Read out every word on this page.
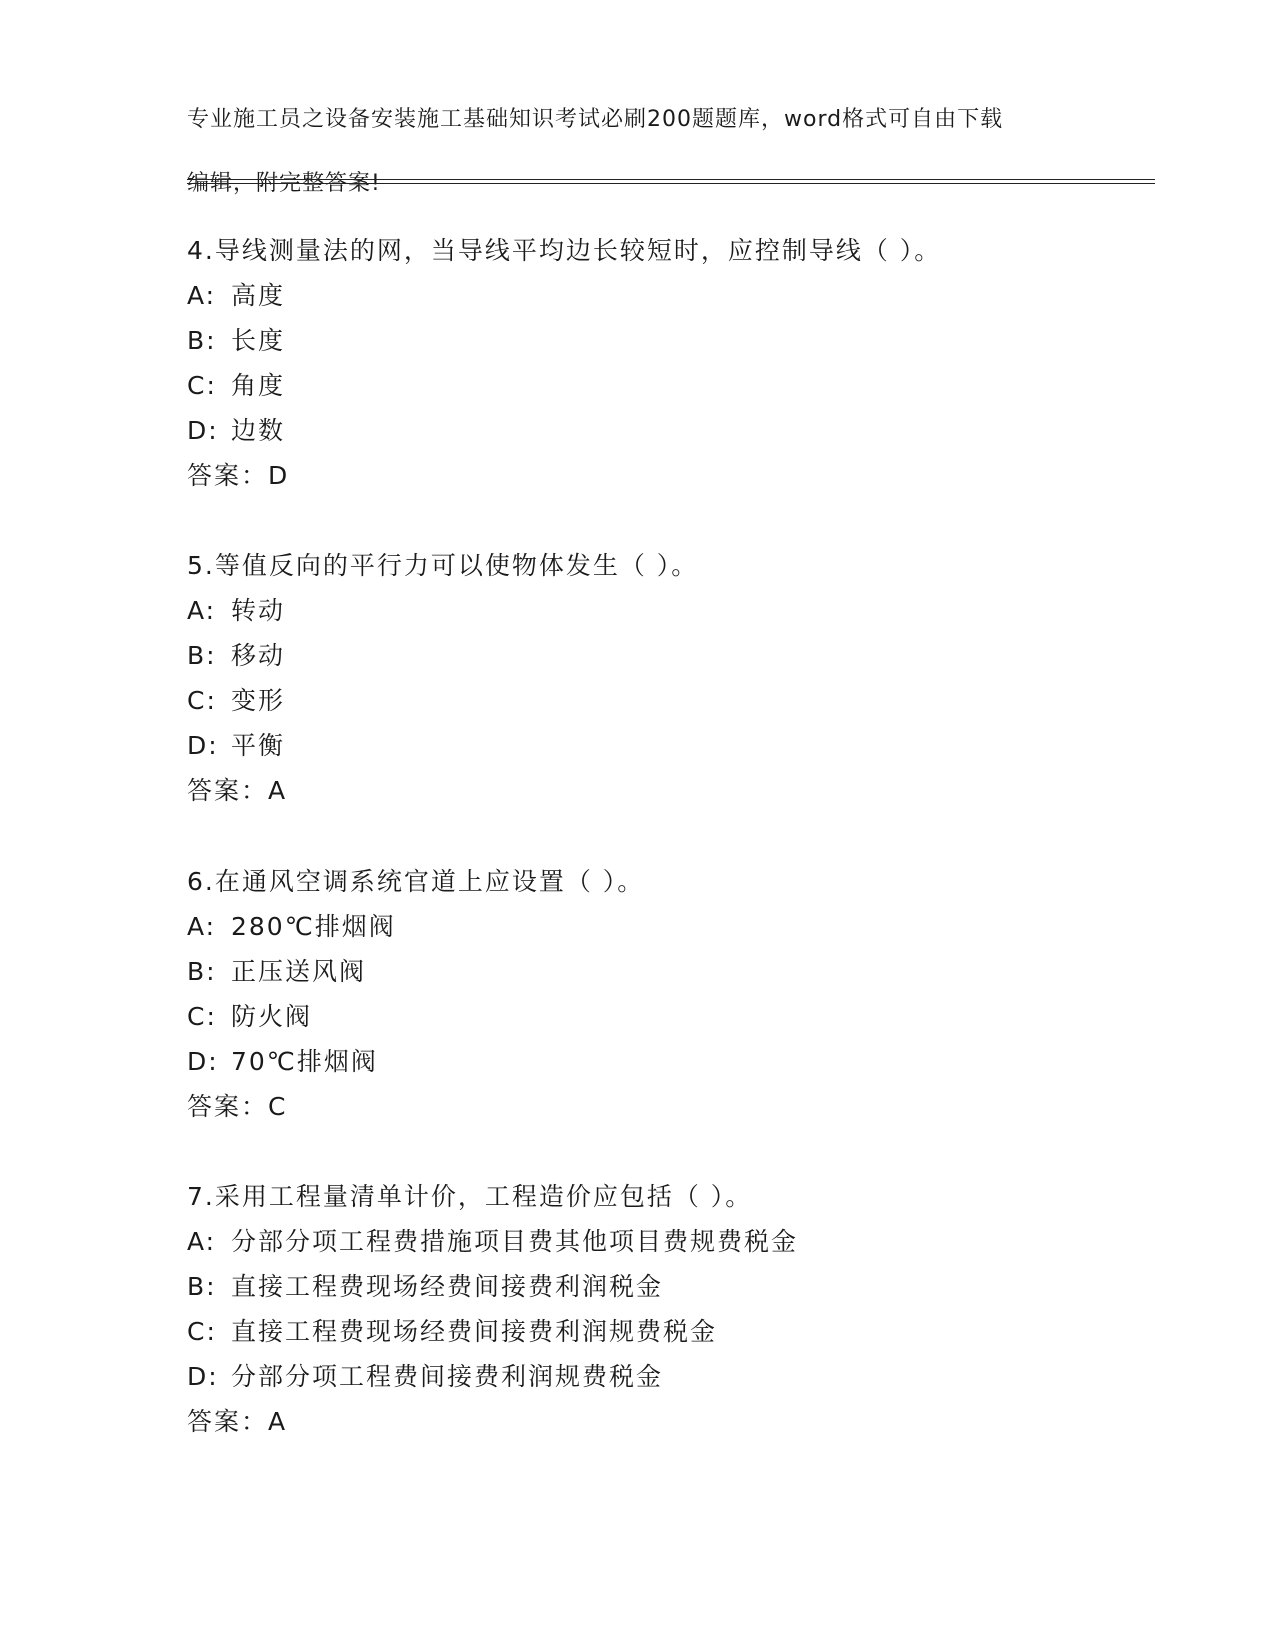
专业施工员之设备安装施工基础知识考试必刷200题题库，word格式可自由下载

编辑，附完整答案!

4.导线测量法的网，当导线平均边长较短时，应控制导线（ ）。
A: 高度
B: 长度
C: 角度
D: 边数
答案： D
5.等值反向的平行力可以使物体发生（ ）。
A: 转动
B: 移动
C: 变形
D: 平衡
答案： A
6.在通风空调系统官道上应设置（ ）。
A: 280℃排烟阀
B: 正压送风阀
C: 防火阀
D: 70℃排烟阀
答案： C
7.采用工程量清单计价，工程造价应包括（ ）。
A: 分部分项工程费措施项目费其他项目费规费税金
B: 直接工程费现场经费间接费利润税金
C: 直接工程费现场经费间接费利润规费税金
D: 分部分项工程费间接费利润规费税金
答案： A
